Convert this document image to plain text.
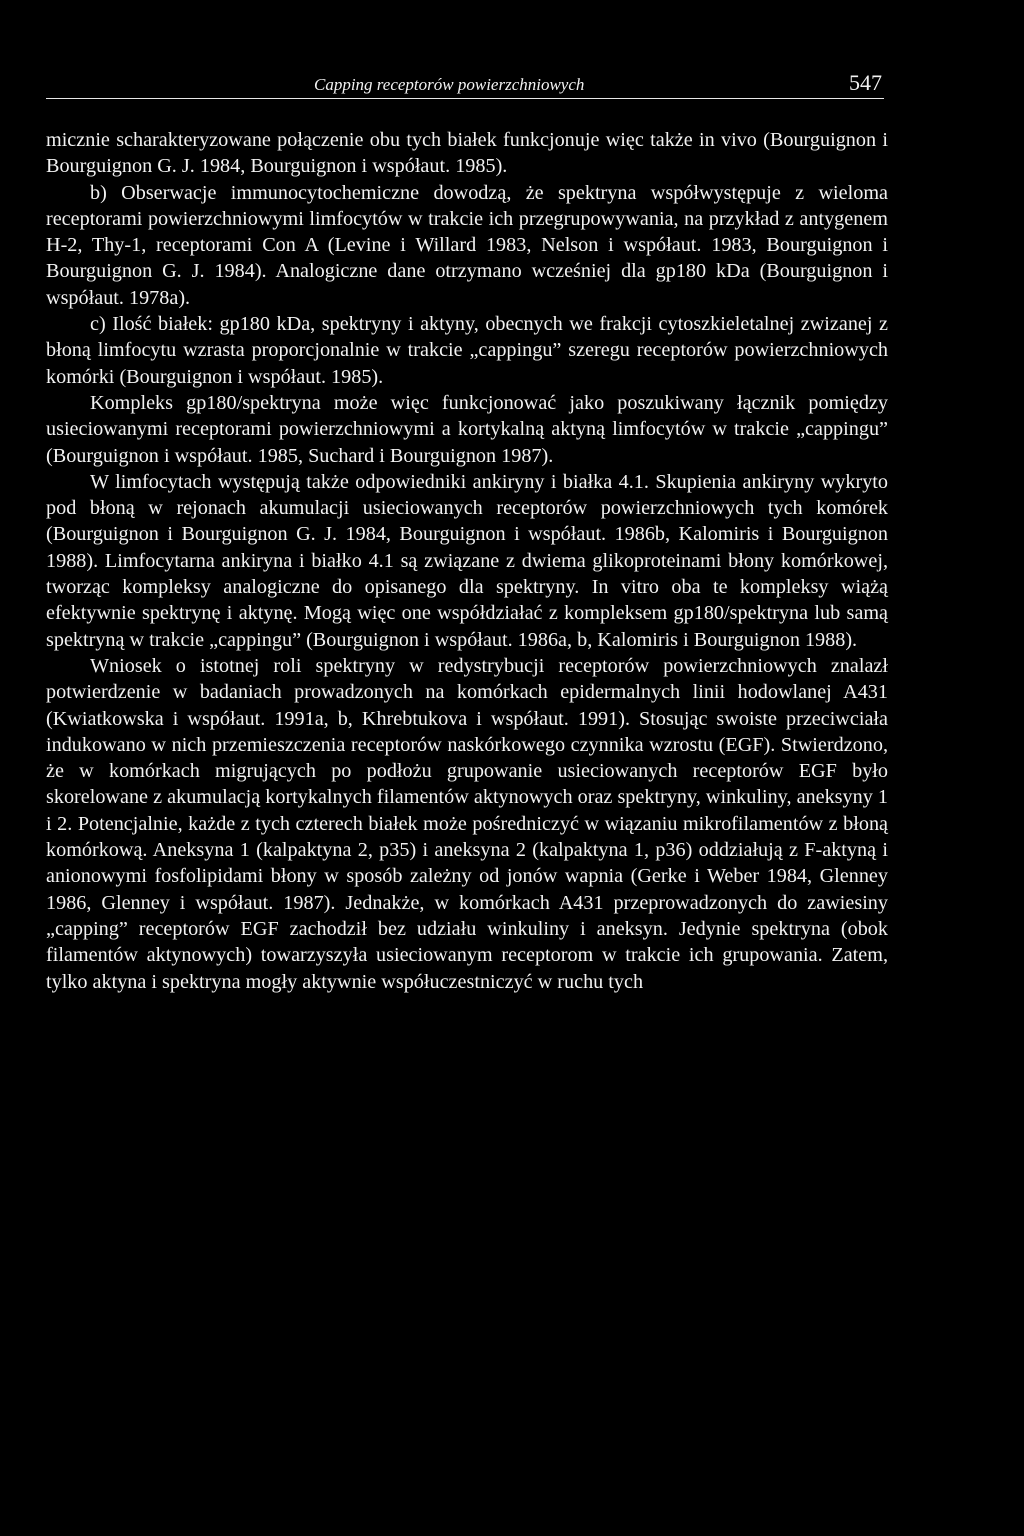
Capping receptorów powierzchniowych	547

micznie scharakteryzowane połączenie obu tych białek funkcjonuje więc także in vivo (Bourguignon i Bourguignon G. J. 1984, Bourguignon i współaut. 1985).

b) Obserwacje immunocytochemiczne dowodzą, że spektryna współwystępuje z wieloma receptorami powierzchniowymi limfocytów w trakcie ich przegrupowywania, na przykład z antygenem H-2, Thy-1, receptorami Con A (Levine i Willard 1983, Nelson i współaut. 1983, Bourguignon i Bourguignon G. J. 1984). Analogiczne dane otrzymano wcześniej dla gp180 kDa (Bourguignon i współaut. 1978a).

c) Ilość białek: gp180 kDa, spektryny i aktyny, obecnych we frakcji cytoszkieletalnej zwizanej z błoną limfocytu wzrasta proporcjonalnie w trakcie „cappingu” szeregu receptorów powierzchniowych komórki (Bourguignon i współaut. 1985).

Kompleks gp180/spektryna może więc funkcjonować jako poszukiwany łącznik pomiędzy usieciowanymi receptorami powierzchniowymi a kortykalną aktyną limfocytów w trakcie „cappingu” (Bourguignon i współaut. 1985, Suchard i Bourguignon 1987).

W limfocytach występują także odpowiedniki ankiryny i białka 4.1. Skupienia ankiryny wykryto pod błoną w rejonach akumulacji usieciowanych receptorów powierzchniowych tych komórek (Bourguignon i Bourguignon G. J. 1984, Bourguignon i współaut. 1986b, Kalomiris i Bourguignon 1988). Limfocytarna ankiryna i białko 4.1 są związane z dwiema glikoproteinami błony komórkowej, tworząc kompleksy analogiczne do opisanego dla spektryny. In vitro oba te kompleksy wiążą efektywnie spektrynę i aktynę. Mogą więc one współdziałać z kompleksem gp180/spektryna lub samą spektryną w trakcie „cappingu” (Bourguignon i współaut. 1986a, b, Kalomiris i Bourguignon 1988).

Wniosek o istotnej roli spektryny w redystrybucji receptorów powierzchniowych znalazł potwierdzenie w badaniach prowadzonych na komórkach epidermalnych linii hodowlanej A431 (Kwiatkowska i współaut. 1991a, b, Khrebtukova i współaut. 1991). Stosując swoiste przeciwciała indukowano w nich przemieszczenia receptorów naskórkowego czynnika wzrostu (EGF). Stwierdzono, że w komórkach migrujących po podłożu grupowanie usieciowanych receptorów EGF było skorelowane z akumulacją kortykalnych filamentów aktynowych oraz spektryny, winkuliny, aneksyny 1 i 2. Potencjalnie, każde z tych czterech białek może pośredniczyć w wiązaniu mikrofilamentów z błoną komórkową. Aneksyna 1 (kalpaktyna 2, p35) i aneksyna 2 (kalpaktyna 1, p36) oddziałują z F-aktyną i anionowymi fosfolipidami błony w sposób zależny od jonów wapnia (Gerke i Weber 1984, Glenney 1986, Glenney i współaut. 1987). Jednakże, w komórkach A431 przeprowadzonych do zawiesiny „capping” receptorów EGF zachodził bez udziału winkuliny i aneksyn. Jedynie spektryna (obok filamentów aktynowych) towarzyszyła usieciowanym receptorom w trakcie ich grupowania. Zatem, tylko aktyna i spektryna mogły aktywnie współuczestniczyć w ruchu tych
